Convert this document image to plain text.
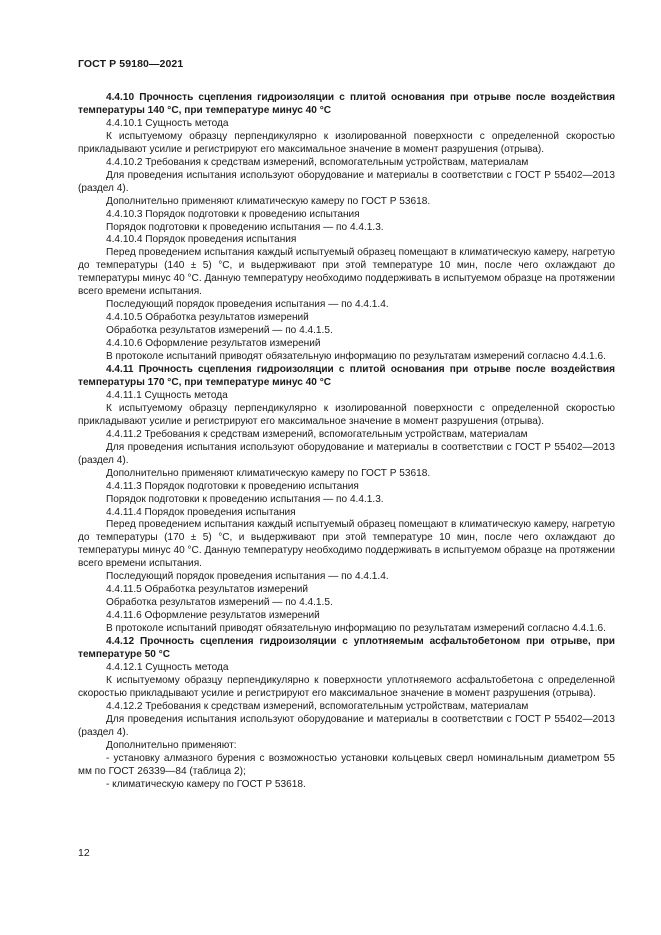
ГОСТ Р 59180—2021

4.4.10 Прочность сцепления гидроизоляции с плитой основания при отрыве после воздействия температуры 140 °С, при температуре минус 40 °С

4.4.10.1 Сущность метода

К испытуемому образцу перпендикулярно к изолированной поверхности с определенной скоростью прикладывают усилие и регистрируют его максимальное значение в момент разрушения (отрыва).

4.4.10.2 Требования к средствам измерений, вспомогательным устройствам, материалам

Для проведения испытания используют оборудование и материалы в соответствии с ГОСТ Р 55402—2013 (раздел 4).

Дополнительно применяют климатическую камеру по ГОСТ Р 53618.

4.4.10.3 Порядок подготовки к проведению испытания

Порядок подготовки к проведению испытания — по 4.4.1.3.

4.4.10.4 Порядок проведения испытания

Перед проведением испытания каждый испытуемый образец помещают в климатическую камеру, нагретую до температуры (140 ± 5) °С, и выдерживают при этой температуре 10 мин, после чего охлаждают до температуры минус 40 °С. Данную температуру необходимо поддерживать в испытуемом образце на протяжении всего времени испытания.

Последующий порядок проведения испытания — по 4.4.1.4.

4.4.10.5 Обработка результатов измерений

Обработка результатов измерений — по 4.4.1.5.

4.4.10.6 Оформление результатов измерений

В протоколе испытаний приводят обязательную информацию по результатам измерений согласно 4.4.1.6.

4.4.11 Прочность сцепления гидроизоляции с плитой основания при отрыве после воздействия температуры 170 °С, при температуре минус 40 °С

4.4.11.1 Сущность метода

К испытуемому образцу перпендикулярно к изолированной поверхности с определенной скоростью прикладывают усилие и регистрируют его максимальное значение в момент разрушения (отрыва).

4.4.11.2 Требования к средствам измерений, вспомогательным устройствам, материалам

Для проведения испытания используют оборудование и материалы в соответствии с ГОСТ Р 55402—2013 (раздел 4).

Дополнительно применяют климатическую камеру по ГОСТ Р 53618.

4.4.11.3 Порядок подготовки к проведению испытания

Порядок подготовки к проведению испытания — по 4.4.1.3.

4.4.11.4 Порядок проведения испытания

Перед проведением испытания каждый испытуемый образец помещают в климатическую камеру, нагретую до температуры (170 ± 5) °С, и выдерживают при этой температуре 10 мин, после чего охлаждают до температуры минус 40 °С. Данную температуру необходимо поддерживать в испытуемом образце на протяжении всего времени испытания.

Последующий порядок проведения испытания — по 4.4.1.4.

4.4.11.5 Обработка результатов измерений

Обработка результатов измерений — по 4.4.1.5.

4.4.11.6 Оформление результатов измерений

В протоколе испытаний приводят обязательную информацию по результатам измерений согласно 4.4.1.6.

4.4.12 Прочность сцепления гидроизоляции с уплотняемым асфальтобетоном при отрыве, при температуре 50 °С

4.4.12.1 Сущность метода

К испытуемому образцу перпендикулярно к поверхности уплотняемого асфальтобетона с определенной скоростью прикладывают усилие и регистрируют его максимальное значение в момент разрушения (отрыва).

4.4.12.2 Требования к средствам измерений, вспомогательным устройствам, материалам

Для проведения испытания используют оборудование и материалы в соответствии с ГОСТ Р 55402—2013 (раздел 4).

Дополнительно применяют:

- установку алмазного бурения с возможностью установки кольцевых сверл номинальным диаметром 55 мм по ГОСТ 26339—84 (таблица 2);

- климатическую камеру по ГОСТ Р 53618.

12
